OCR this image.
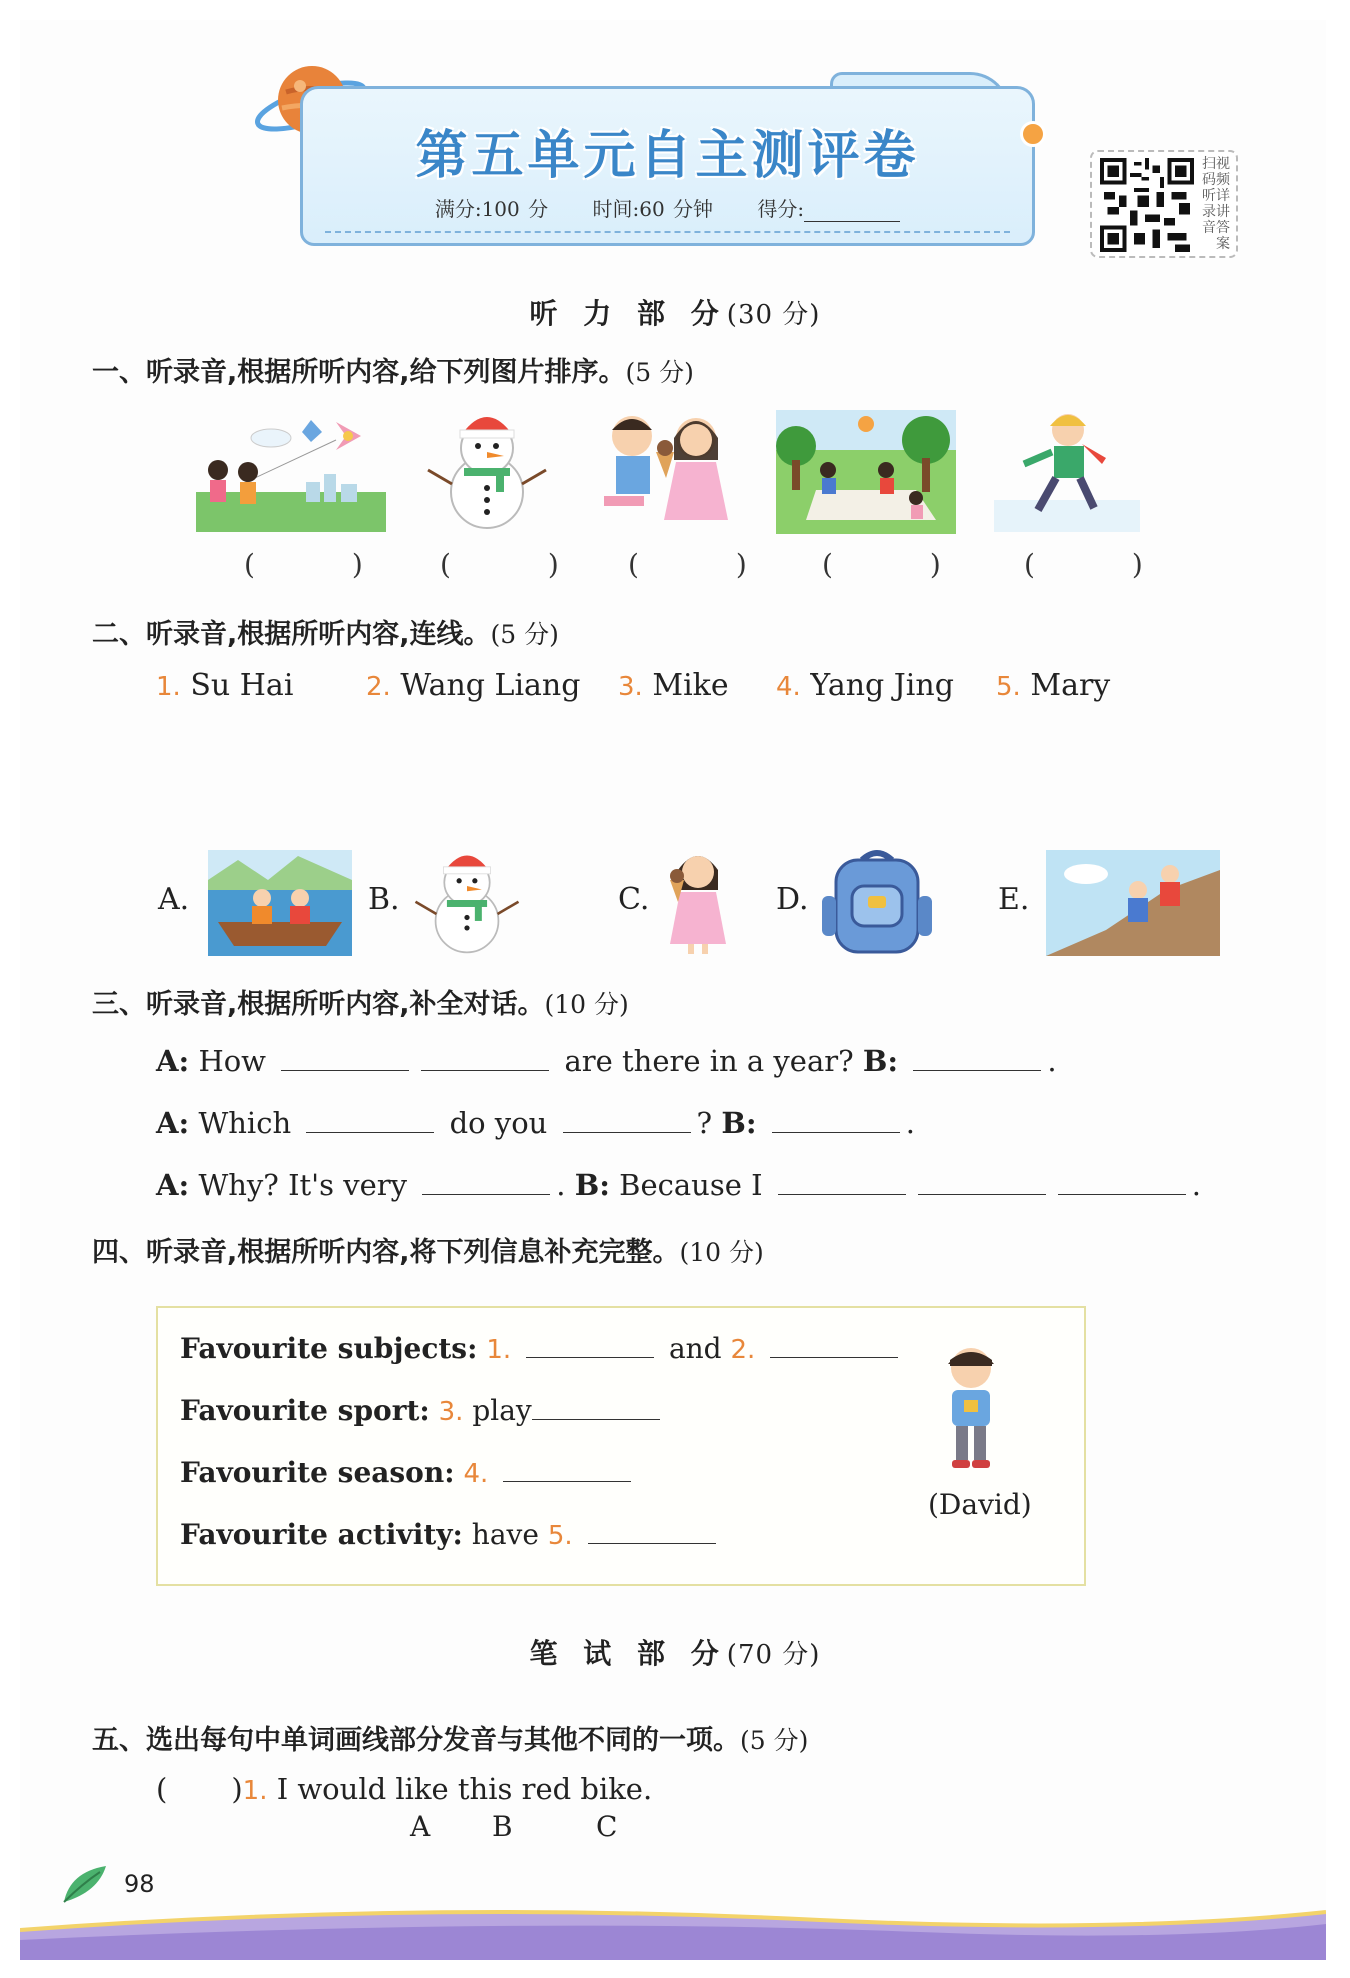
第五单元自主测评卷
满分:100 分 时间:60 分钟 得分:
扫码听录音视频详讲答案
听 力 部 分(30 分)
一、听录音,根据所听内容,给下列图片排序。(5 分)
( ) ( ) ( ) ( ) ( )
二、听录音,根据所听内容,连线。(5 分)
1. Su Hai	2. Wang Liang 3. Mike 4. Yang Jing 5. Mary
A.	B.	C.	D.	E.
三、听录音,根据所听内容,补全对话。(10 分)
A: How	are there in a year? B:	.
A: Which	do you	? B:	.
A: Why? It's very	. B: Because I	.
四、听录音,根据所听内容,将下列信息补充完整。(10 分)
Favourite subjects: 1.	and 2.
Favourite sport: 3. play
Favourite season: 4.
Favourite activity: have 5.
(David)
笔 试 部 分(70 分)
五、选出每句中单词画线部分发音与其他不同的一项。(5 分)
( )1. I would like this red bike.
A B	C
98
